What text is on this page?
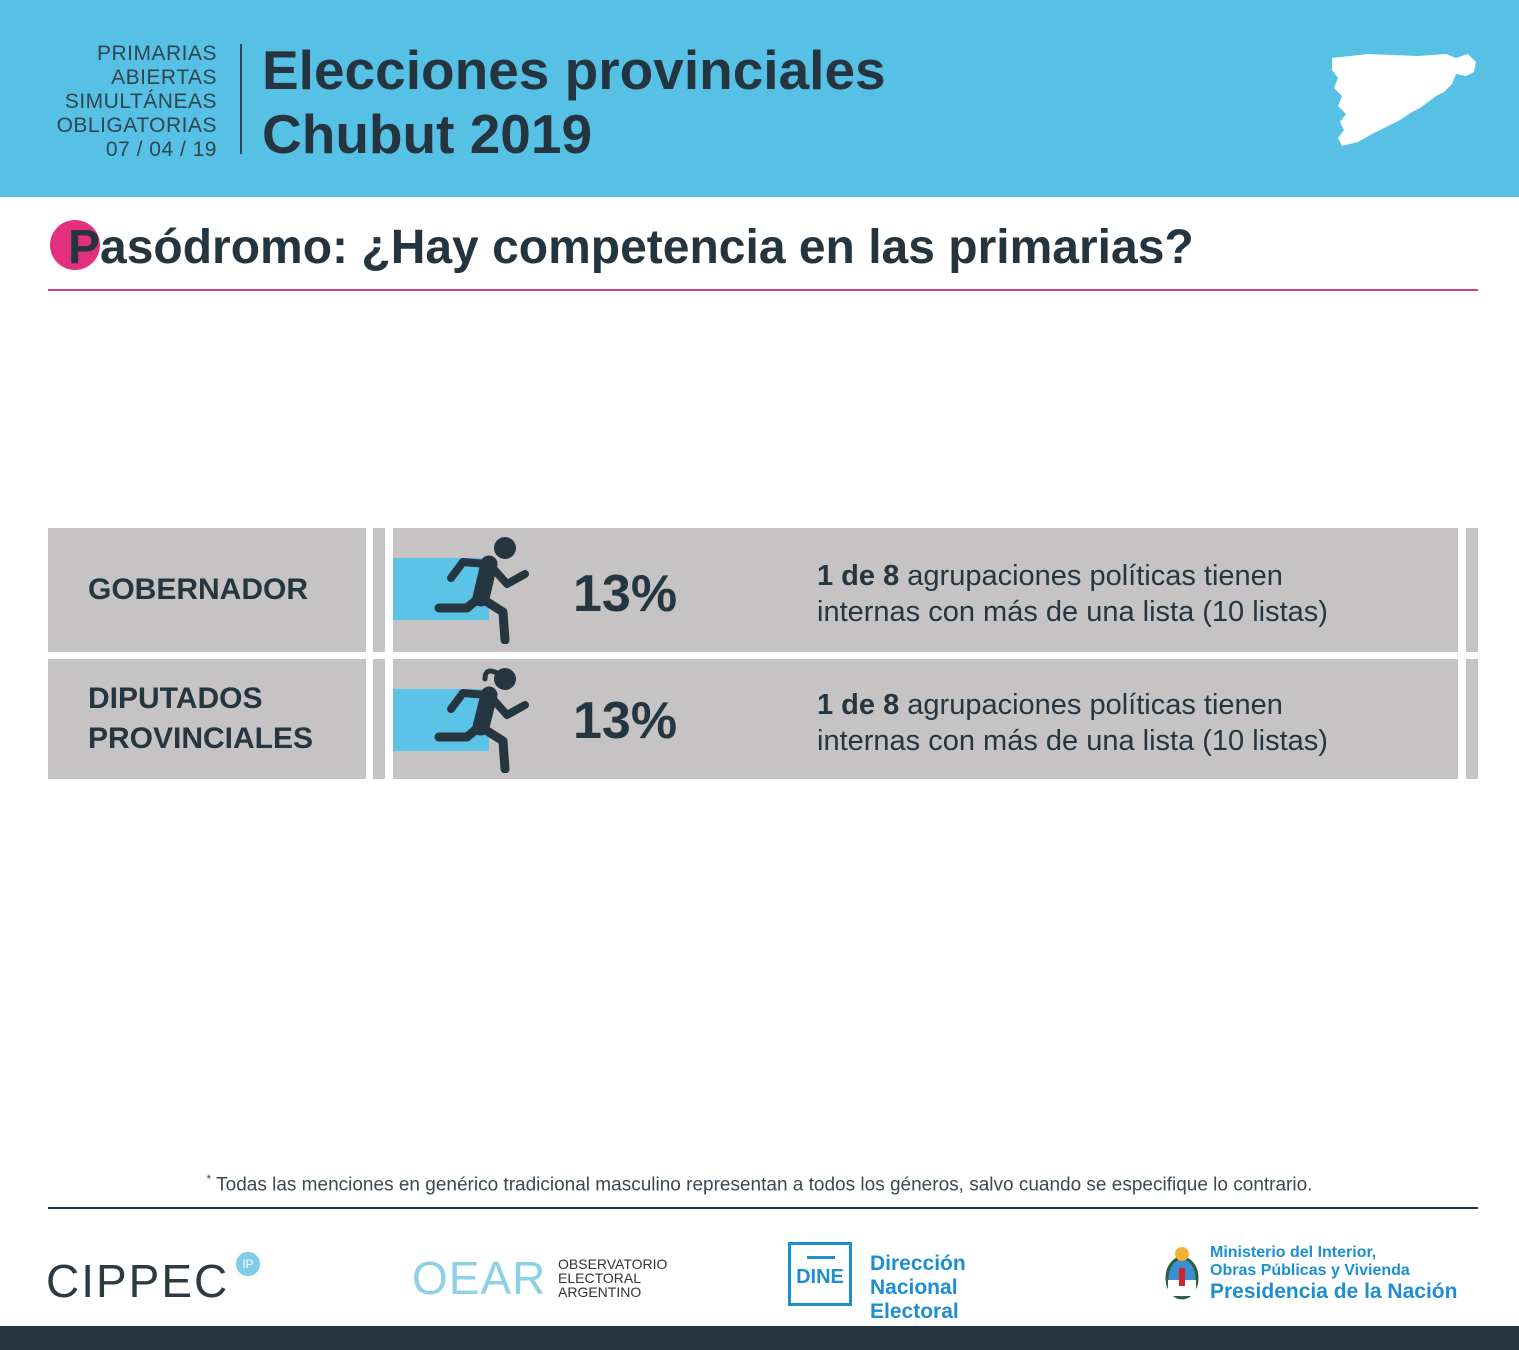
PRIMARIAS
ABIERTAS
SIMULTÁNEAS
OBLIGATORIAS
07 / 04 / 19
Elecciones provinciales
Chubut 2019
Pasódromo: ¿Hay competencia en las primarias?
GOBERNADOR	13%	1 de 8 agrupaciones políticas tienen
internas con más de una lista (10 listas)
DIPUTADOS
PROVINCIALES	13%	1 de 8 agrupaciones políticas tienen
internas con más de una lista (10 listas)
* Todas las menciones en genérico tradicional masculino representan a todos los géneros, salvo cuando se especifique lo contrario.
CIPPEC	IP	OEAR OBSERVATORIO
ELECTORAL
ARGENTINO
DINE
Dirección Nacional
Electoral
Ministerio del Interior,
Obras Públicas y Vivienda
Presidencia de la Nación
